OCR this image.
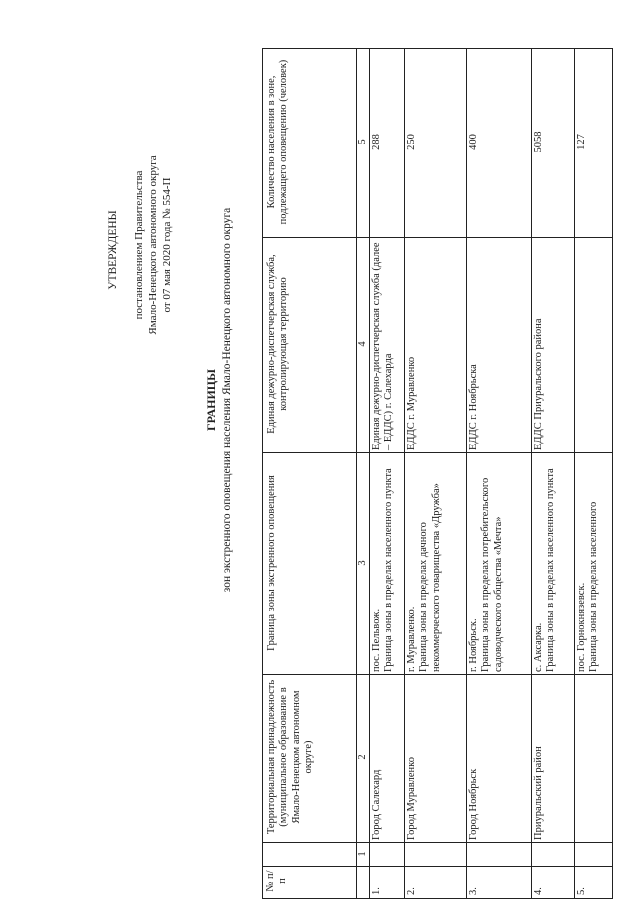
УТВЕРЖДЕНЫ	постановлением Правительства Ямало-Ненецкого автономного округа от 07 мая 2020 года № 554-П
ГРАНИЦЫ зон экстренного оповещения населения Ямало-Ненецкого автономного округа
№ п/п
Территориальная принадлежность (муниципальное образование в Ямало-Ненецком автономном округе)
Граница зоны экстренного оповещения
Единая дежурно-диспетчерская служба, контролирующая территорию
Количество населения в зоне, подлежащего оповещению (человек)
1
2
3
4
5
1.
Город Салехард
пос. Пельвож. Граница зоны в пределах населенного пункта
Единая дежурно-диспетчерская служба (далее – ЕДДС) г. Салехарда
288
2.
Город Муравленко
г. Муравленко. Граница зоны в пределах дачного некоммерческого товарищества «Дружба»
ЕДДС г. Муравленко
250
3.
Город Ноябрьск
г. Ноябрьск. Граница зоны в пределах потребительского садоводческого общества «Мечта»
ЕДДС г. Ноябрьска
400
4.
Приуральский район
с. Аксарка. Граница зоны в пределах населенного пункта
ЕДДС Приуральского района
5058
5.
пос. Горнокнязевск. Граница зоны в пределах населенного
127
